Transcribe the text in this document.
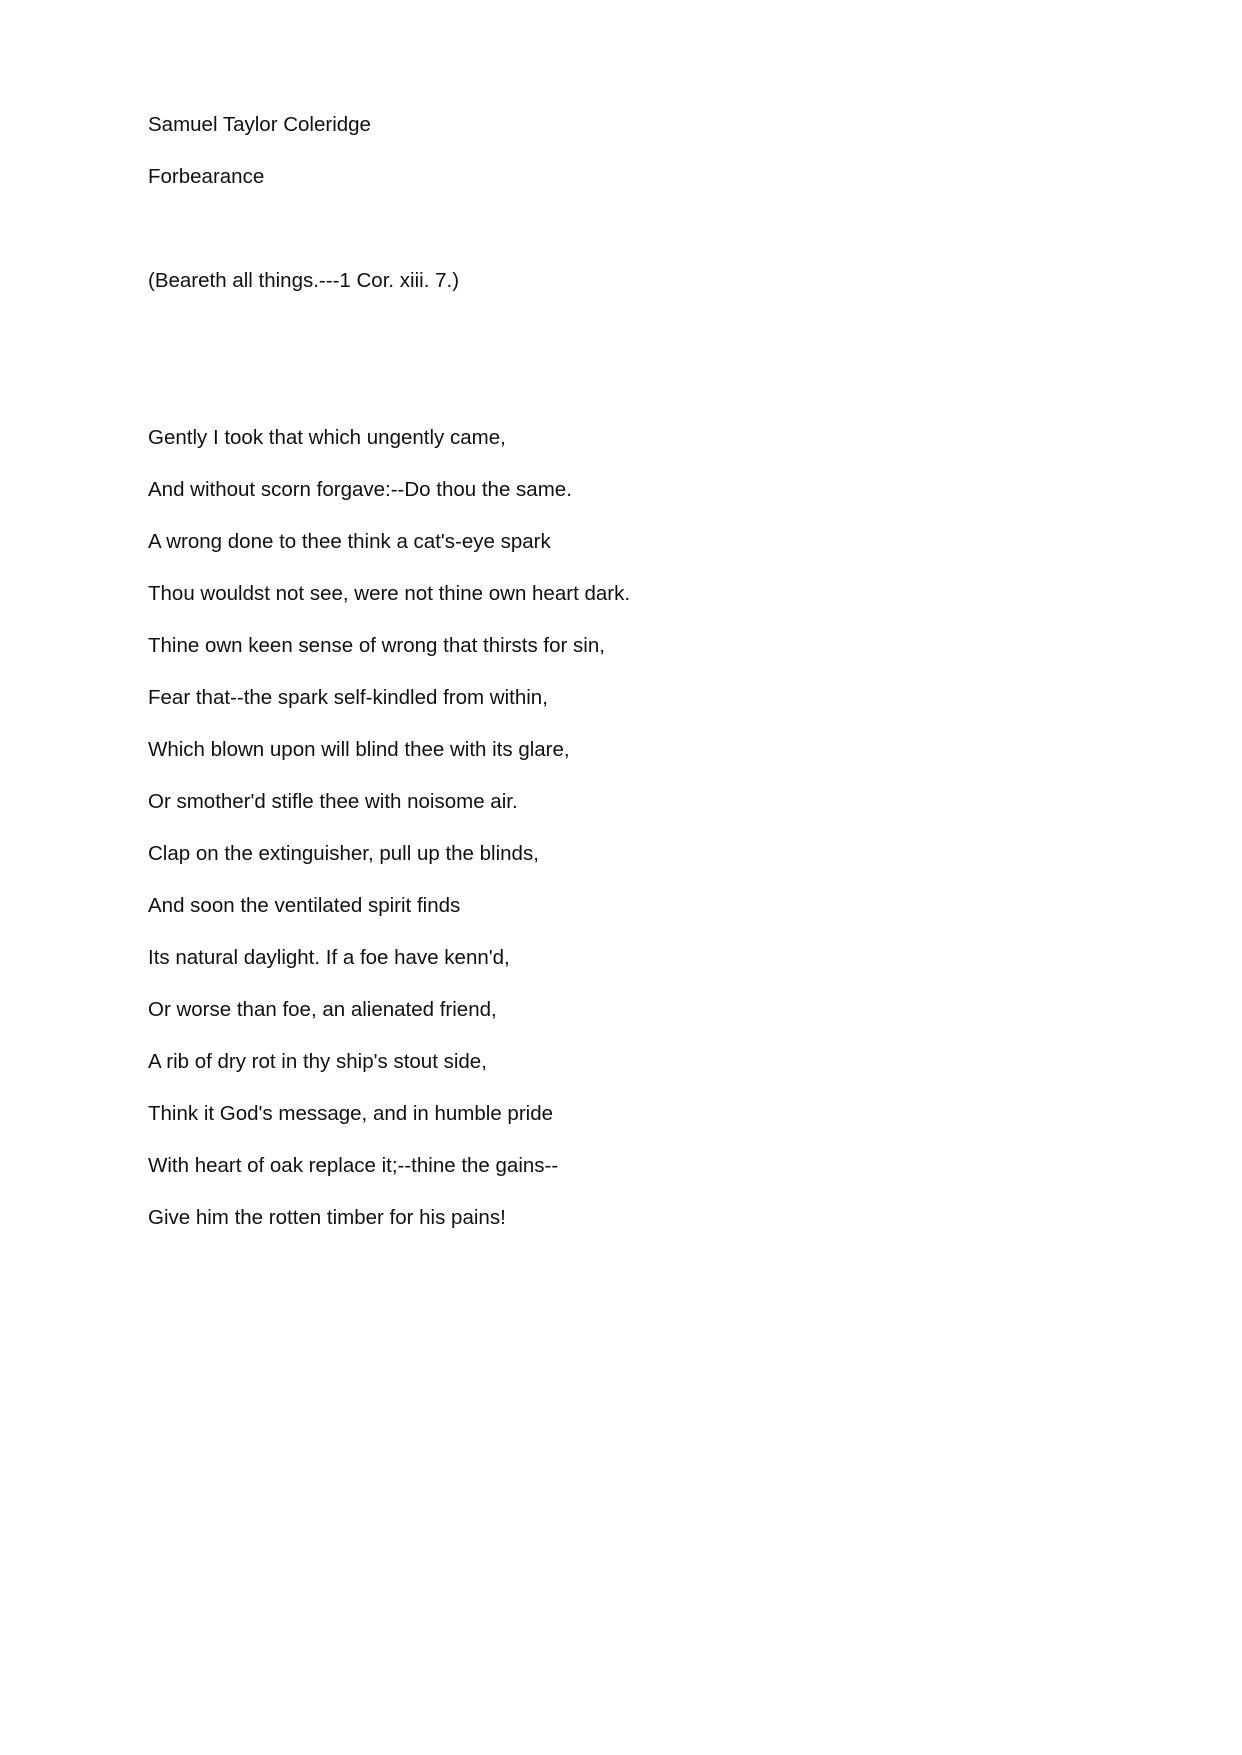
Samuel Taylor Coleridge
Forbearance
(Beareth all things.---1 Cor. xiii. 7.)
Gently I took that which ungently came,
And without scorn forgave:--Do thou the same.
A wrong done to thee think a cat's-eye spark
Thou wouldst not see, were not thine own heart dark.
Thine own keen sense of wrong that thirsts for sin,
Fear that--the spark self-kindled from within,
Which blown upon will blind thee with its glare,
Or smother'd stifle thee with noisome air.
Clap on the extinguisher, pull up the blinds,
And soon the ventilated spirit finds
Its natural daylight. If a foe have kenn'd,
Or worse than foe, an alienated friend,
A rib of dry rot in thy ship's stout side,
Think it God's message, and in humble pride
With heart of oak replace it;--thine the gains--
Give him the rotten timber for his pains!
